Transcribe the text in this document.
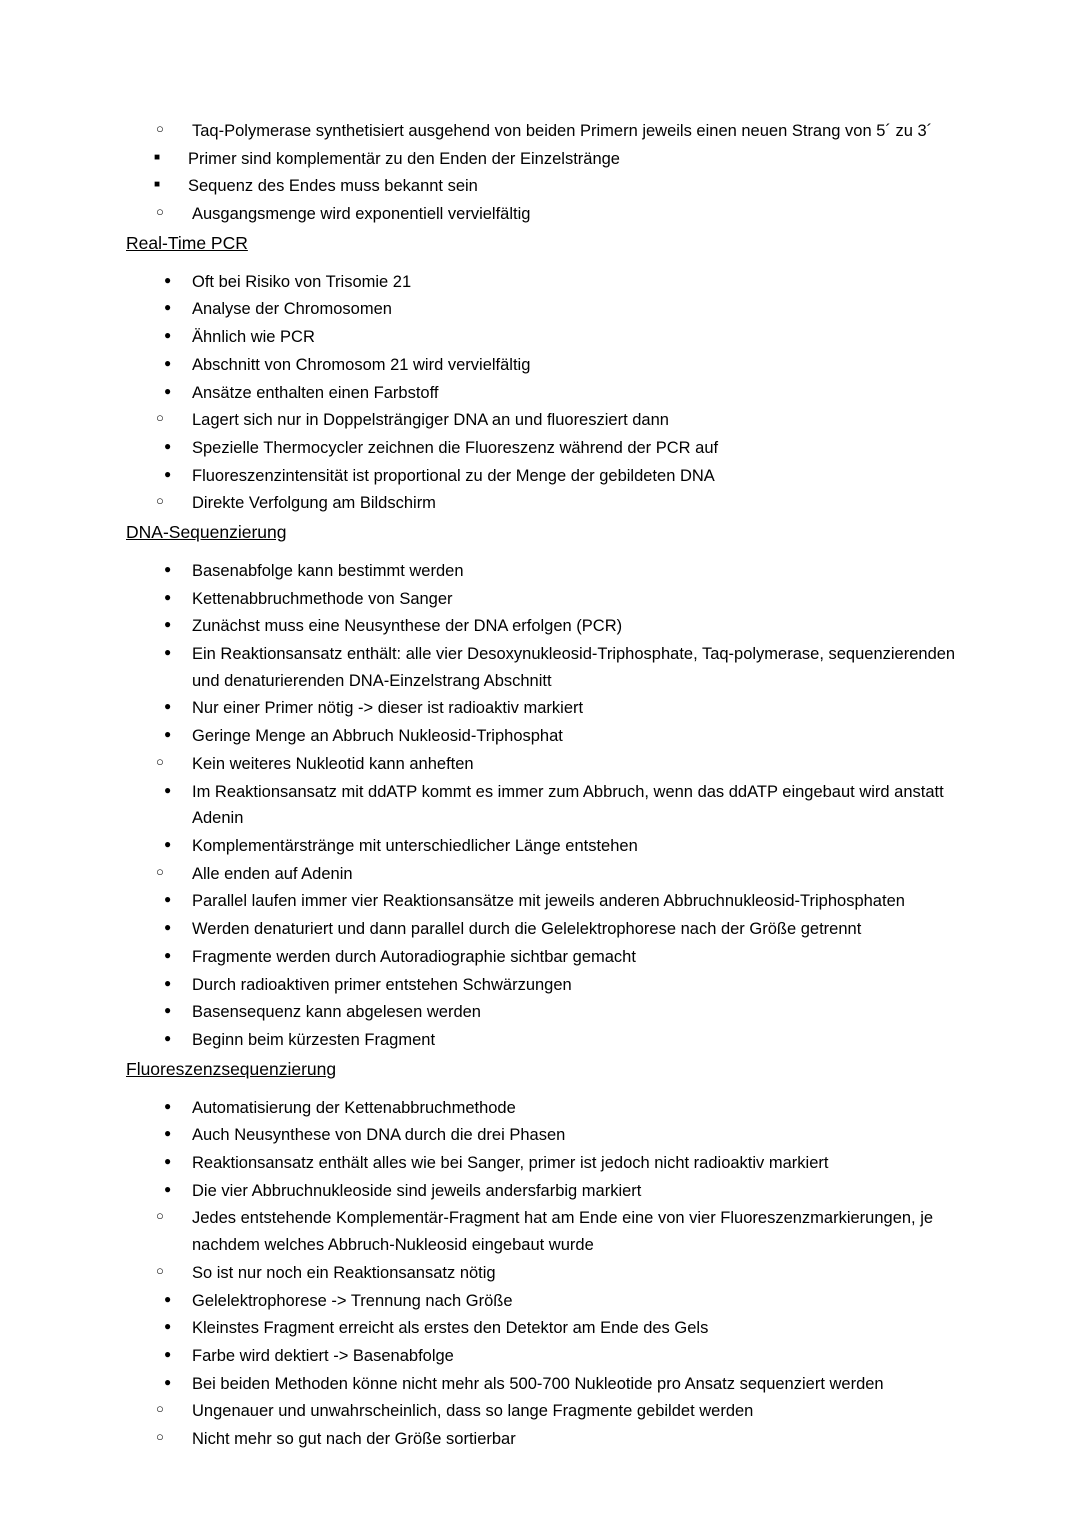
○ Taq-Polymerase synthetisiert ausgehend von beiden Primern jeweils einen neuen Strang von 5´ zu 3´
■ Primer sind komplementär zu den Enden der Einzelstränge
■ Sequenz des Endes muss bekannt sein
○ Ausgangsmenge wird exponentiell vervielfältig
Real-Time PCR
● Oft bei Risiko von Trisomie 21
● Analyse der Chromosomen
● Ähnlich wie PCR
● Abschnitt von Chromosom 21 wird vervielfältig
● Ansätze enthalten einen Farbstoff
○ Lagert sich nur in Doppelsträngiger DNA an und fluoresziert dann
● Spezielle Thermocycler zeichnen die Fluoreszenz während der PCR auf
● Fluoreszenzintensität ist proportional zu der Menge der gebildeten DNA
○ Direkte Verfolgung am Bildschirm
DNA-Sequenzierung
● Basenabfolge kann bestimmt werden
● Kettenabbruchmethode von Sanger
● Zunächst muss eine Neusynthese der DNA erfolgen (PCR)
● Ein Reaktionsansatz enthält: alle vier Desoxynukleosid-Triphosphate, Taq-polymerase, sequenzierenden und denaturierenden DNA-Einzelstrang Abschnitt
● Nur einer Primer nötig -> dieser ist radioaktiv markiert
● Geringe Menge an Abbruch Nukleosid-Triphosphat
○ Kein weiteres Nukleotid kann anheften
● Im Reaktionsansatz mit ddATP kommt es immer zum Abbruch, wenn das ddATP eingebaut wird anstatt Adenin
● Komplementärstränge mit unterschiedlicher Länge entstehen
○ Alle enden auf Adenin
● Parallel laufen immer vier Reaktionsansätze mit jeweils anderen Abbruchnukleosid-Triphosphaten
● Werden denaturiert und dann parallel durch die Gelelektrophorese nach der Größe getrennt
● Fragmente werden durch Autoradiographie sichtbar gemacht
● Durch radioaktiven primer entstehen Schwärzungen
● Basensequenz kann abgelesen werden
● Beginn beim kürzesten Fragment
Fluoreszenzsequenzierung
● Automatisierung der Kettenabbruchmethode
● Auch Neusynthese von DNA durch die drei Phasen
● Reaktionsansatz enthält alles wie bei Sanger, primer ist jedoch nicht radioaktiv markiert
● Die vier Abbruchnukleoside sind jeweils andersfarbig markiert
○ Jedes entstehende Komplementär-Fragment hat am Ende eine von vier Fluoreszenzmarkierungen, je nachdem welches Abbruch-Nukleosid eingebaut wurde
○ So ist nur noch ein Reaktionsansatz nötig
● Gelelektrophorese -> Trennung nach Größe
● Kleinstes Fragment erreicht als erstes den Detektor am Ende des Gels
● Farbe wird dektiert -> Basenabfolge
● Bei beiden Methoden könne nicht mehr als 500-700 Nukleotide pro Ansatz sequenziert werden
○ Ungenauer und unwahrscheinlich, dass so lange Fragmente gebildet werden
○ Nicht mehr so gut nach der Größe sortierbar
